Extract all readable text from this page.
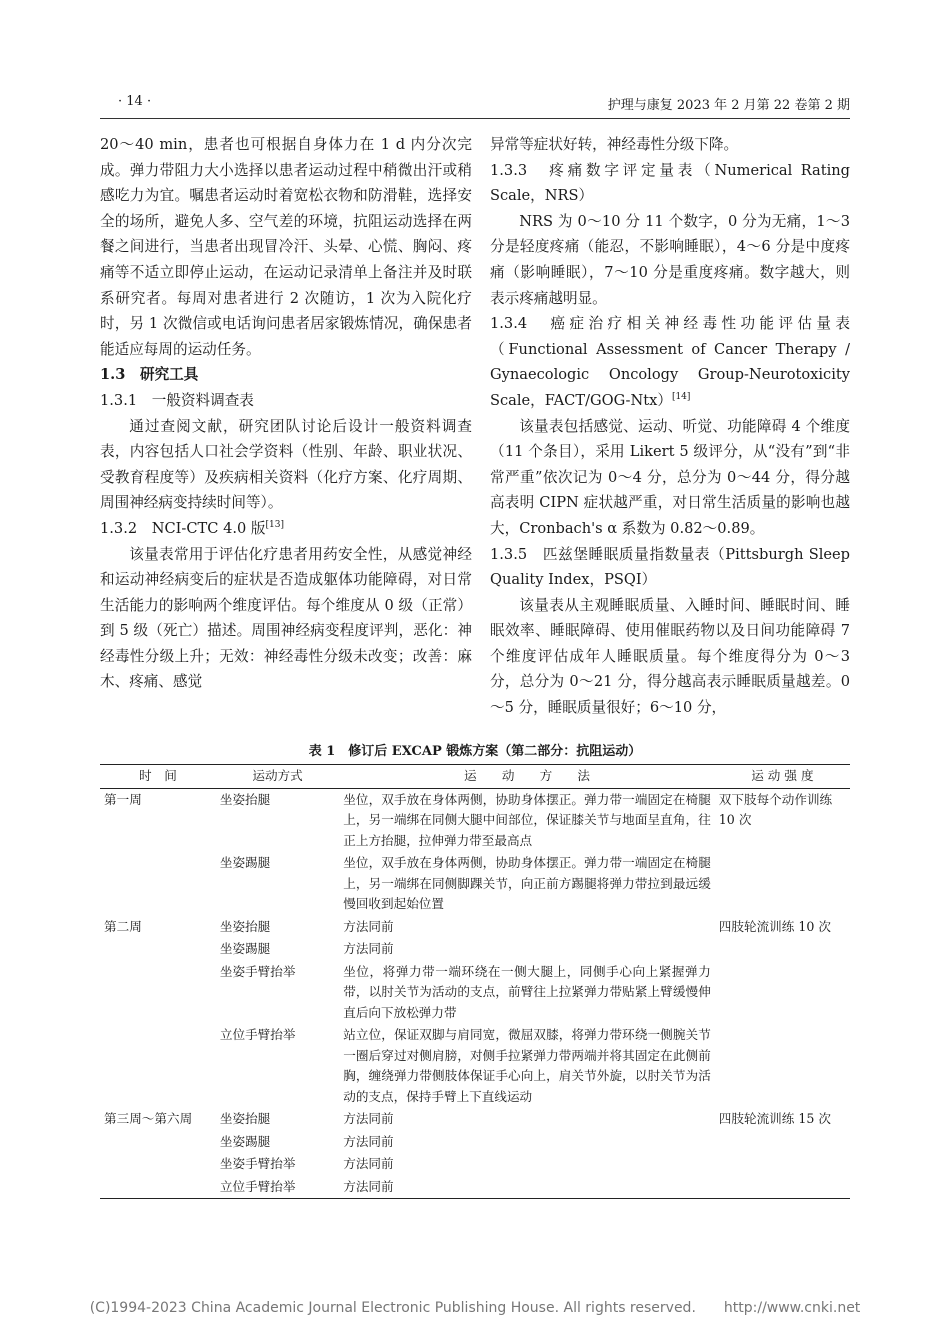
· 14 ·	护理与康复 2023 年 2 月第 22 卷第 2 期

20～40 min，患者也可根据自身体力在 1 d 内分次完成。弹力带阻力大小选择以患者运动过程中稍微出汗或稍感吃力为宜。嘱患者运动时着宽松衣物和防滑鞋，选择安全的场所，避免人多、空气差的环境，抗阻运动选择在两餐之间进行，当患者出现冒冷汗、头晕、心慌、胸闷、疼痛等不适立即停止运动，在运动记录清单上备注并及时联系研究者。每周对患者进行 2 次随访，1 次为入院化疗时，另 1 次微信或电话询问患者居家锻炼情况，确保患者能适应每周的运动任务。

1.3　研究工具

1.3.1　一般资料调查表

通过查阅文献，研究团队讨论后设计一般资料调查表，内容包括人口社会学资料（性别、年龄、职业状况、受教育程度等）及疾病相关资料（化疗方案、化疗周期、周围神经病变持续时间等）。

1.3.2　NCI-CTC 4.0 版[13]

该量表常用于评估化疗患者用药安全性，从感觉神经和运动神经病变后的症状是否造成躯体功能障碍，对日常生活能力的影响两个维度评估。每个维度从 0 级（正常）到 5 级（死亡）描述。周围神经病变程度评判，恶化：神经毒性分级上升；无效：神经毒性分级未改变；改善：麻木、疼痛、感觉

异常等症状好转，神经毒性分级下降。

1.3.3　疼痛数字评定量表（Numerical Rating Scale，NRS）

NRS 为 0～10 分 11 个数字，0 分为无痛，1～3 分是轻度疼痛（能忍，不影响睡眠），4～6 分是中度疼痛（影响睡眠），7～10 分是重度疼痛。数字越大，则表示疼痛越明显。

1.3.4　癌症治疗相关神经毒性功能评估量表（Functional Assessment of Cancer Therapy / Gynaecologic Oncology Group-Neurotoxicity Scale，FACT/GOG-Ntx）[14]

该量表包括感觉、运动、听觉、功能障碍 4 个维度（11 个条目），采用 Likert 5 级评分，从“没有”到“非常严重”依次记为 0～4 分，总分为 0～44 分，得分越高表明 CIPN 症状越严重，对日常生活质量的影响也越大，Cronbach's α 系数为 0.82～0.89。

1.3.5　匹兹堡睡眠质量指数量表（Pittsburgh Sleep Quality Index，PSQI）

该量表从主观睡眠质量、入睡时间、睡眠时间、睡眠效率、睡眠障碍、使用催眠药物以及日间功能障碍 7 个维度评估成年人睡眠质量。每个维度得分为 0～3 分，总分为 0～21 分，得分越高表示睡眠质量越差。0～5 分，睡眠质量很好；6～10 分，

表 1　修订后 EXCAP 锻炼方案（第二部分：抗阻运动）
时　间	运动方式	运　　动　　方　　法	运 动 强 度
第一周	坐姿抬腿	坐位，双手放在身体两侧，协助身体摆正。弹力带一端固定在椅腿上，另一端绑在同侧大腿中间部位，保证膝关节与地面呈直角，往正上方抬腿，拉伸弹力带至最高点	双下肢每个动作训练 10 次
	坐姿踢腿	坐位，双手放在身体两侧，协助身体摆正。弹力带一端固定在椅腿上，另一端绑在同侧脚踝关节，向正前方踢腿将弹力带拉到最远缓慢回收到起始位置	
第二周	坐姿抬腿	方法同前	四肢轮流训练 10 次
	坐姿踢腿	方法同前	
	坐姿手臂抬举	坐位，将弹力带一端环绕在一侧大腿上，同侧手心向上紧握弹力带，以肘关节为活动的支点，前臂往上拉紧弹力带贴紧上臂缓慢伸直后向下放松弹力带	
	立位手臂抬举	站立位，保证双脚与肩同宽，微屈双膝，将弹力带环绕一侧腕关节一圈后穿过对侧肩膀，对侧手拉紧弹力带两端并将其固定在此侧前胸，缠绕弹力带侧肢体保证手心向上，肩关节外旋，以肘关节为活动的支点，保持手臂上下直线运动	
第三周～第六周	坐姿抬腿	方法同前	四肢轮流训练 15 次
	坐姿踢腿	方法同前	
	坐姿手臂抬举	方法同前	
	立位手臂抬举	方法同前	
(C)1994-2023 China Academic Journal Electronic Publishing House. All rights reserved.　　http://www.cnki.net
